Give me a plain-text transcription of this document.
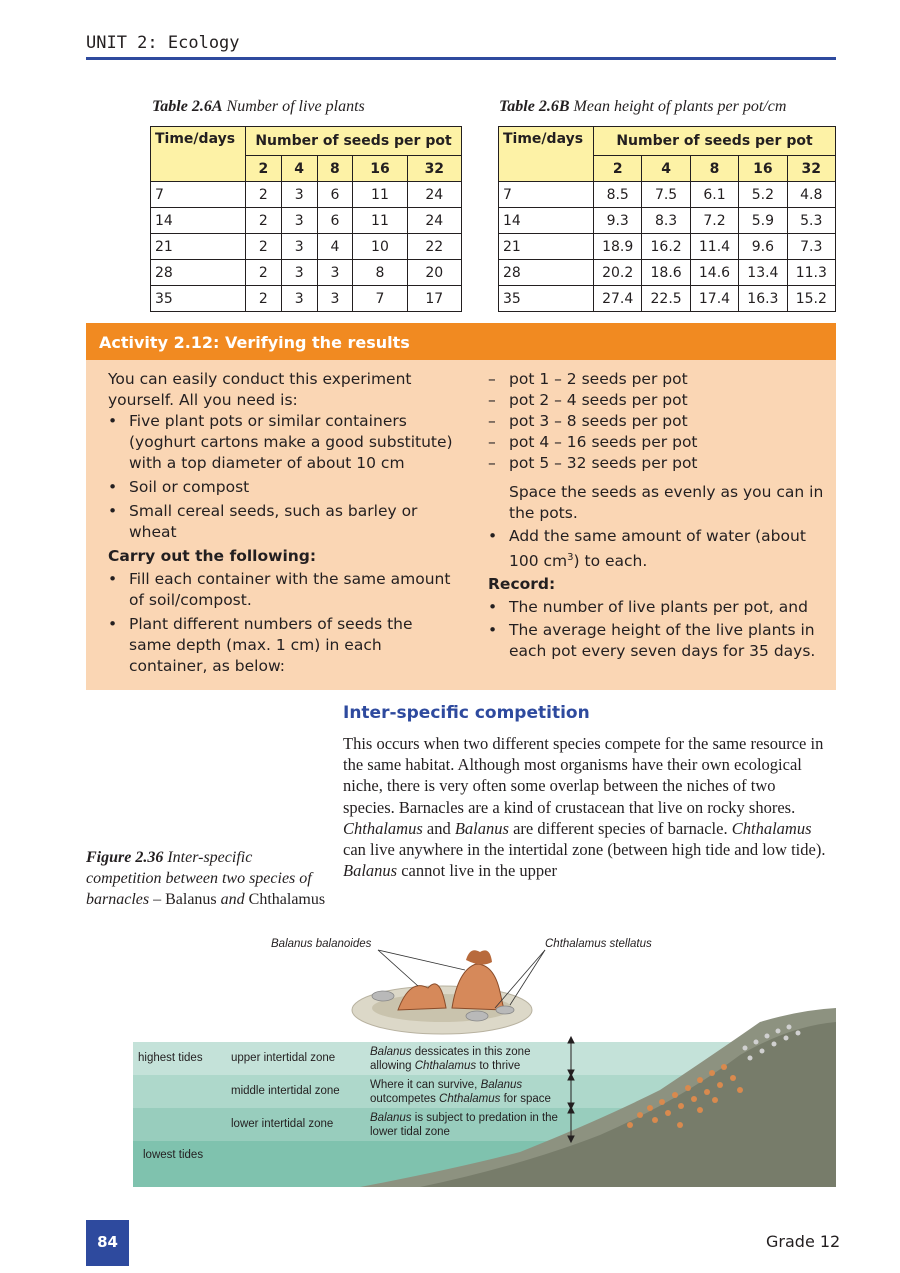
UNIT 2: Ecology
Table 2.6A Number of live plants
Time/days	Number of seeds per pot				
	2	4	8	16	32
7	2	3	6	11	24
14	2	3	6	11	24
21	2	3	4	10	22
28	2	3	3	8	20
35	2	3	3	7	17
Table 2.6B Mean height of plants per pot/cm
Time/days	Number of seeds per pot				
	2	4	8	16	32
7	8.5	7.5	6.1	5.2	4.8
14	9.3	8.3	7.2	5.9	5.3
21	18.9	16.2	11.4	9.6	7.3
28	20.2	18.6	14.6	13.4	11.3
35	27.4	22.5	17.4	16.3	15.2
Activity 2.12: Verifying the results
You can easily conduct this experiment yourself. All you need is:
• Five plant pots or similar containers (yoghurt cartons make a good substitute) with a top diameter of about 10 cm
• Soil or compost
• Small cereal seeds, such as barley or wheat
Carry out the following:
• Fill each container with the same amount of soil/compost.
• Plant different numbers of seeds the same depth (max. 1 cm) in each container, as below:
– pot 1 – 2 seeds per pot
– pot 2 – 4 seeds per pot
– pot 3 – 8 seeds per pot
– pot 4 – 16 seeds per pot
– pot 5 – 32 seeds per pot
Space the seeds as evenly as you can in the pots.
• Add the same amount of water (about 100 $cm^3$) to each.
Record:
• The number of live plants per pot, and
• The average height of the live plants in each pot every seven days for 35 days.
Inter-specific competition
This occurs when two different species compete for the same resource in the same habitat. Although most organisms have their own ecological niche, there is very often some overlap between the niches of two species. Barnacles are a kind of crustacean that live on rocky shores. Chthalamus and Balanus are different species of barnacle. Chthalamus can live anywhere in the intertidal zone (between high tide and low tide). Balanus cannot live in the upper
Figure 2.36 Inter-specific competition between two species of barnacles – Balanus and Chthalamus
Balanus balanoides	Chthalamus stellatus
highest tides
lowest tides
upper intertidal zone
middle intertidal zone
lower intertidal zone
Balanus dessicates in this zone allowing Chthalamus to thrive
Where it can survive, Balanus outcompetes Chthalamus for space
Balanus is subject to predation in the lower tidal zone
84	Grade 12
